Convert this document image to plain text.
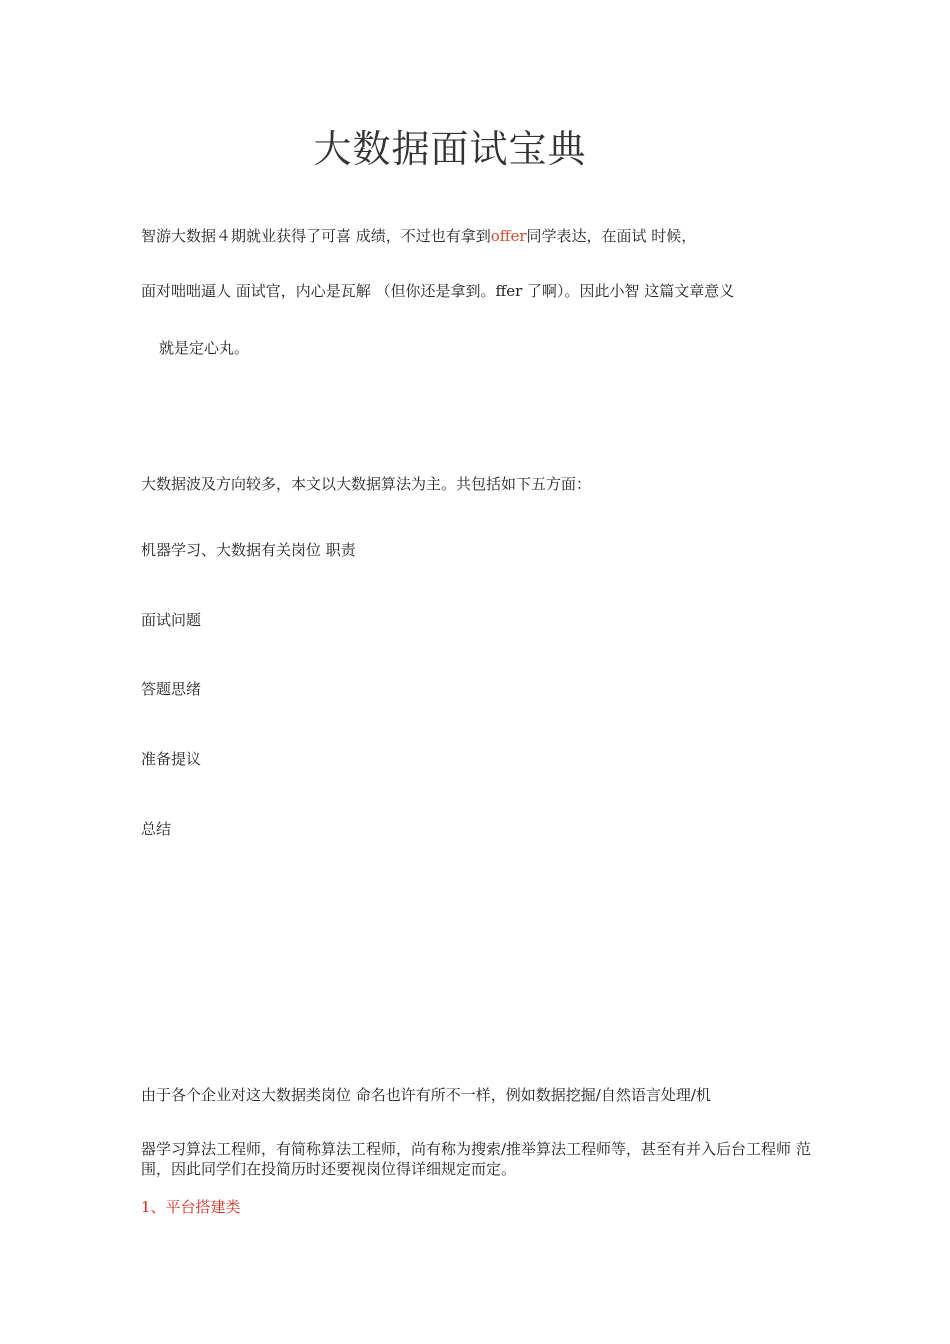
大数据面试宝典
智游大数据４期就业获得了可喜 成绩，不过也有拿到offer同学表达，在面试 时候，
面对咄咄逼人 面试官，内心是瓦解 （但你还是拿到。ffer 了啊）。因此小智 这篇文章意义
就是定心丸。
大数据波及方向较多，本文以大数据算法为主。共包括如下五方面：
机器学习、大数据有关岗位 职责
面试问题
答题思绪
准备提议
总结
由于各个企业对这大数据类岗位 命名也许有所不一样，例如数据挖掘/自然语言处理/机
器学习算法工程师，有简称算法工程师，尚有称为搜索/推举算法工程师等，甚至有并入后台工程师 范围，因此同学们在投简历时还要视岗位得详细规定而定。
1、平台搭建类
